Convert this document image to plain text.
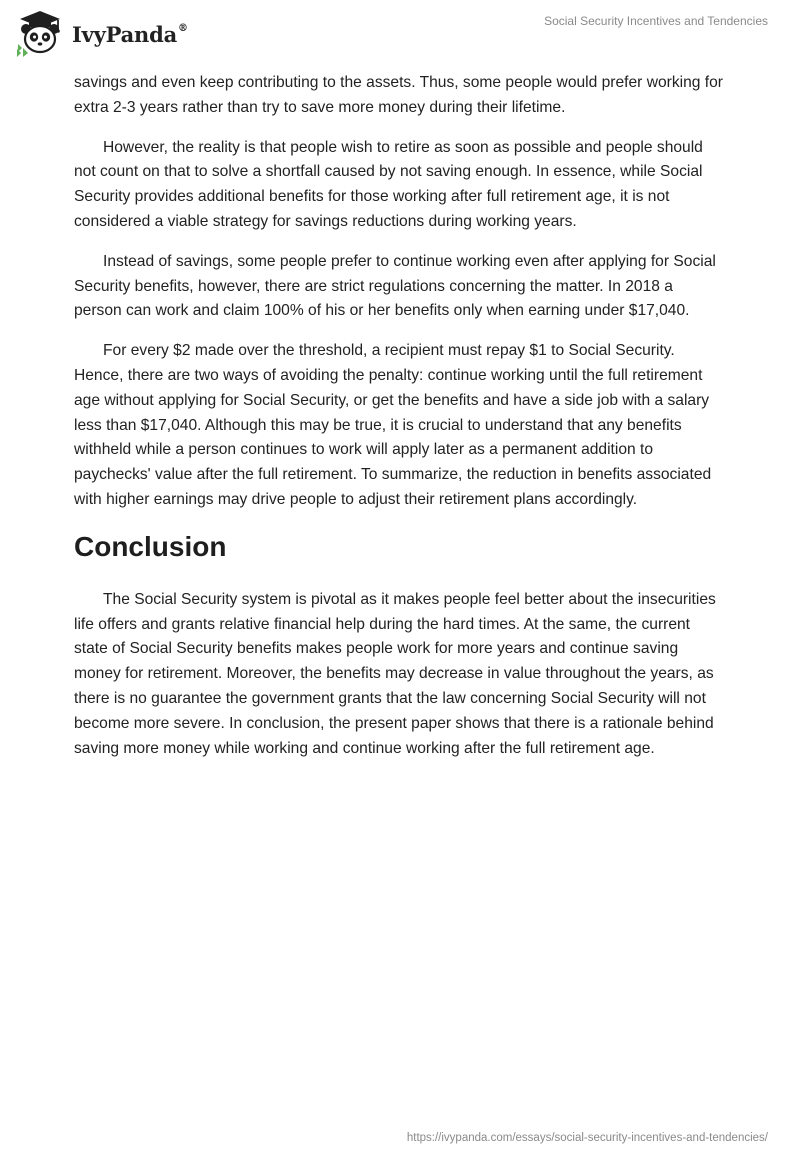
IvyPanda®	Social Security Incentives and Tendencies

savings and even keep contributing to the assets. Thus, some people would prefer working for extra 2-3 years rather than try to save more money during their lifetime.

However, the reality is that people wish to retire as soon as possible and people should not count on that to solve a shortfall caused by not saving enough. In essence, while Social Security provides additional benefits for those working after full retirement age, it is not considered a viable strategy for savings reductions during working years.

Instead of savings, some people prefer to continue working even after applying for Social Security benefits, however, there are strict regulations concerning the matter. In 2018 a person can work and claim 100% of his or her benefits only when earning under $17,040.

For every $2 made over the threshold, a recipient must repay $1 to Social Security. Hence, there are two ways of avoiding the penalty: continue working until the full retirement age without applying for Social Security, or get the benefits and have a side job with a salary less than $17,040. Although this may be true, it is crucial to understand that any benefits withheld while a person continues to work will apply later as a permanent addition to paychecks' value after the full retirement. To summarize, the reduction in benefits associated with higher earnings may drive people to adjust their retirement plans accordingly.

Conclusion

The Social Security system is pivotal as it makes people feel better about the insecurities life offers and grants relative financial help during the hard times. At the same, the current state of Social Security benefits makes people work for more years and continue saving money for retirement. Moreover, the benefits may decrease in value throughout the years, as there is no guarantee the government grants that the law concerning Social Security will not become more severe. In conclusion, the present paper shows that there is a rationale behind saving more money while working and continue working after the full retirement age.

https://ivypanda.com/essays/social-security-incentives-and-tendencies/
